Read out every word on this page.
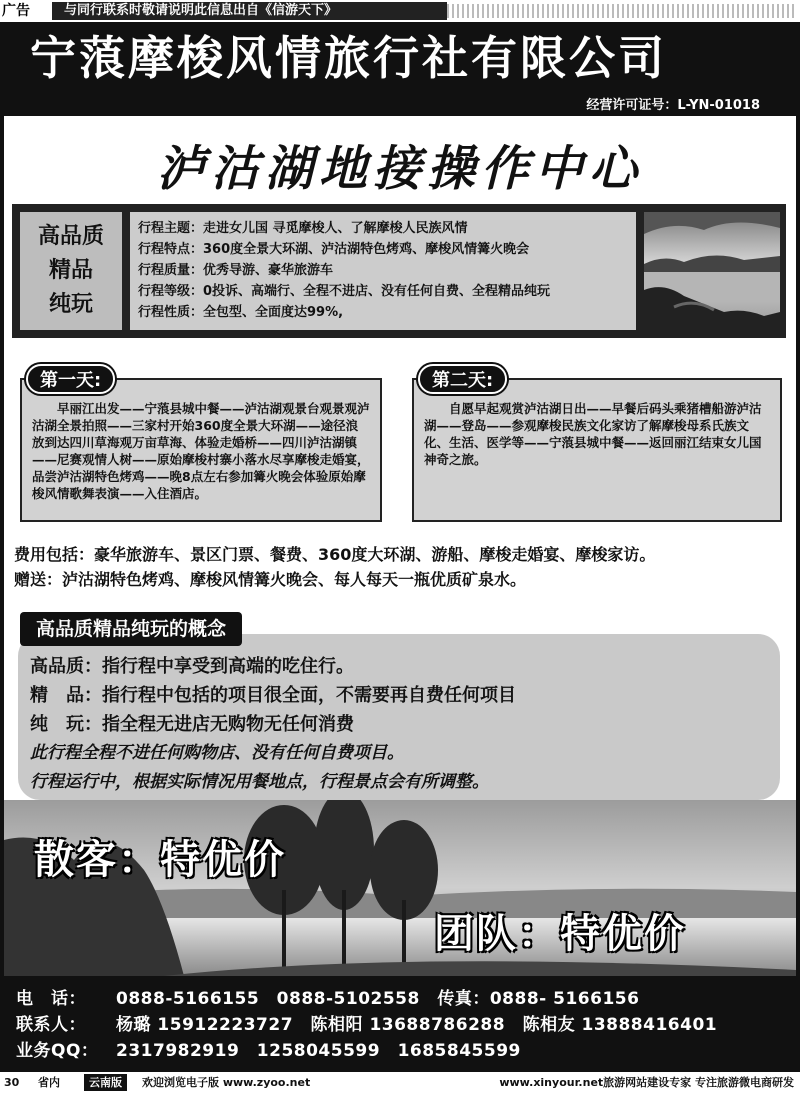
广告	与同行联系时敬请说明此信息出自《信游天下》
宁蒗摩梭风情旅行社有限公司
经营许可证号：L-YN-01018
泸沽湖地接操作中心
高品质
精品
纯玩
行程主题：走进女儿国 寻觅摩梭人、了解摩梭人民族风情
行程特点：360度全景大环湖、泸沽湖特色烤鸡、摩梭风情篝火晚会
行程质量：优秀导游、豪华旅游车
行程等级：0投诉、高端行、全程不进店、没有任何自费、全程精品纯玩
行程性质：全包型、全面度达99%,
早丽江出发——宁蒗县城中餐——泸沽湖观景台观景观泸沽湖全景拍照——三家村开始360度全景大环湖——途径浪放到达四川草海观万亩草海、体验走婚桥——四川泸沽湖镇——尼赛观情人树——原始摩梭村寨小落水尽享摩梭走婚宴，品尝泸沽湖特色烤鸡——晚8点左右参加篝火晚会体验原始摩梭风情歌舞表演——入住酒店。
第一天:
自愿早起观赏泸沽湖日出——早餐后码头乘猪槽船游泸沽湖——登岛——参观摩梭民族文化家访了解摩梭母系氏族文化、生活、医学等——宁蒗县城中餐——返回丽江结束女儿国神奇之旅。
第二天:
费用包括：豪华旅游车、景区门票、餐费、360度大环湖、游船、摩梭走婚宴、摩梭家访。
赠送：泸沽湖特色烤鸡、摩梭风情篝火晚会、每人每天一瓶优质矿泉水。
高品质：指行程中享受到高端的吃住行。
精　品：指行程中包括的项目很全面，不需要再自费任何项目
纯　玩：指全程无进店无购物无任何消费
此行程全程不进任何购物店、没有任何自费项目。
行程运行中，根据实际情况用餐地点，行程景点会有所调整。
高品质精品纯玩的概念
散客：特优价
团队：特优价
电　话： 0888-5166155　0888-5102558　传真：0888- 5166156
联系人： 杨璐 15912223727　陈相阳 13688786288　陈相友 13888416401
业务QQ： 2317982919　1258045599　1685845599
30 省内	云南版	欢迎浏览电子版 www.zyoo.net	www.xinyour.net旅游网站建设专家 专注旅游微电商研发
